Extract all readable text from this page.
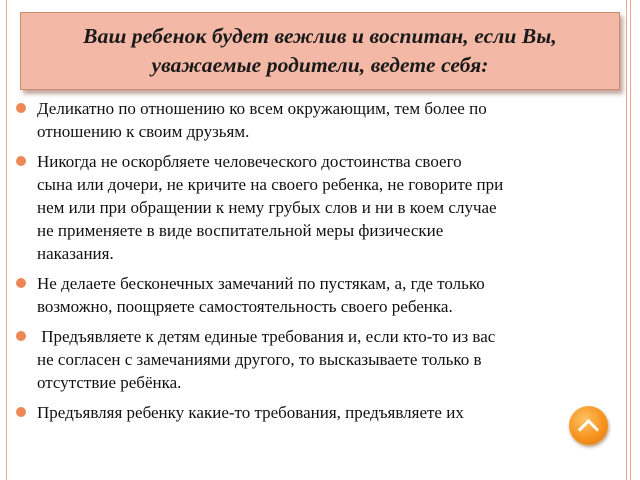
Ваш ребенок будет вежлив и воспитан, если Вы,
уважаемые родители, ведете себя:
Деликатно по отношению ко всем окружающим, тем более по
отношению к своим друзьям.
Никогда не оскорбляете человеческого достоинства своего
сына или дочери, не кричите на своего ребенка, не говорите при
нем или при обращении к нему грубых слов и ни в коем случае
не применяете в виде воспитательной меры физические
наказания.
Не делаете бесконечных замечаний по пустякам, а, где только
возможно, поощряете самостоятельность своего ребенка.
Предъявляете к детям единые требования и, если кто-то из вас
не согласен с замечаниями другого, то высказываете только в
отсутствие ребёнка.
Предъявляя ребенку какие-то требования, предъявляете их
